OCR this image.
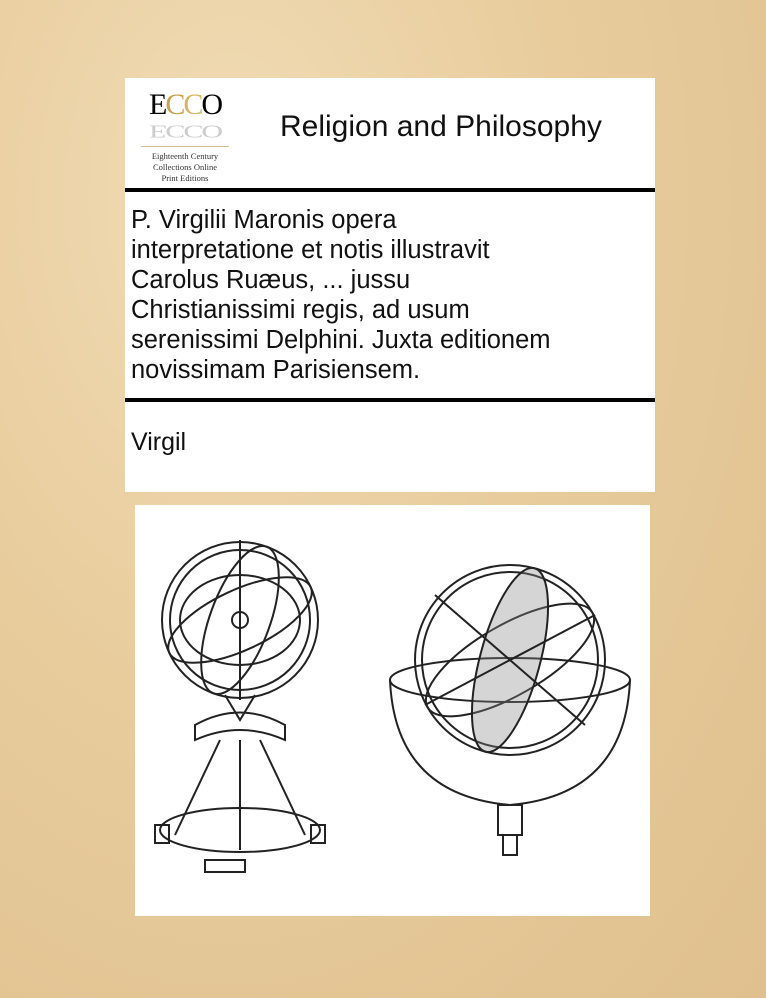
ECCO
ECCO
Eighteenth Century
Collections Online
Print Editions
Religion and Philosophy
P. Virgilii Maronis opera
interpretatione et notis illustravit
Carolus Ruæus, ... jussu
Christianissimi regis, ad usum
serenissimi Delphini. Juxta editionem
novissimam Parisiensem.
Virgil
